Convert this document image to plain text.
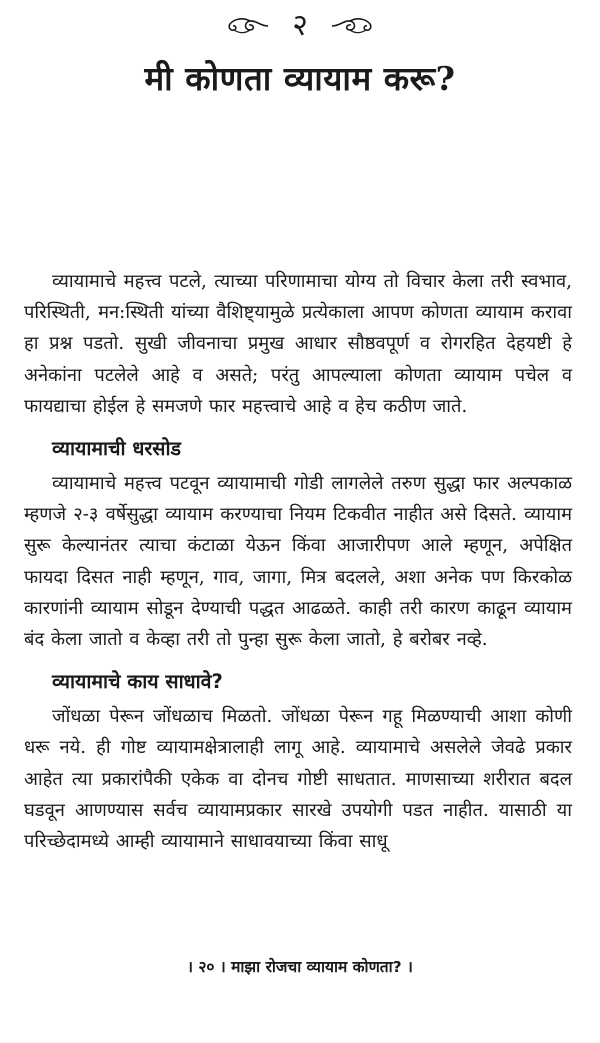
२
मी कोणता व्यायाम करू?

व्यायामाचे महत्त्व पटले, त्याच्या परिणामाचा योग्य तो विचार केला तरी स्वभाव, परिस्थिती, मन:स्थिती यांच्या वैशिष्ट्यामुळे प्रत्येकाला आपण कोणता व्यायाम करावा हा प्रश्न पडतो. सुखी जीवनाचा प्रमुख आधार सौष्ठवपूर्ण व रोगरहित देहयष्टी हे अनेकांना पटलेले आहे व असते; परंतु आपल्याला कोणता व्यायाम पचेल व फायद्याचा होईल हे समजणे फार महत्त्वाचे आहे व हेच कठीण जाते.

व्यायामाची धरसोड

व्यायामाचे महत्त्व पटवून व्यायामाची गोडी लागलेले तरुण सुद्धा फार अल्पकाळ म्हणजे २-३ वर्षेसुद्धा व्यायाम करण्याचा नियम टिकवीत नाहीत असे दिसते. व्यायाम सुरू केल्यानंतर त्याचा कंटाळा येऊन किंवा आजारीपण आले म्हणून, अपेक्षित फायदा दिसत नाही म्हणून, गाव, जागा, मित्र बदलले, अशा अनेक पण किरकोळ कारणांनी व्यायाम सोडून देण्याची पद्धत आढळते. काही तरी कारण काढून व्यायाम बंद केला जातो व केव्हा तरी तो पुन्हा सुरू केला जातो, हे बरोबर नव्हे.

व्यायामाचे काय साधावे?

जोंधळा पेरून जोंधळाच मिळतो. जोंधळा पेरून गहू मिळण्याची आशा कोणी धरू नये. ही गोष्ट व्यायामक्षेत्रालाही लागू आहे. व्यायामाचे असलेले जेवढे प्रकार आहेत त्या प्रकारांपैकी एकेक वा दोनच गोष्टी साधतात. माणसाच्या शरीरात बदल घडवून आणण्यास सर्वच व्यायामप्रकार सारखे उपयोगी पडत नाहीत. यासाठी या परिच्छेदामध्ये आम्ही व्यायामाने साधावयाच्या किंवा साधू

। २० । माझा रोजचा व्यायाम कोणता? ।
